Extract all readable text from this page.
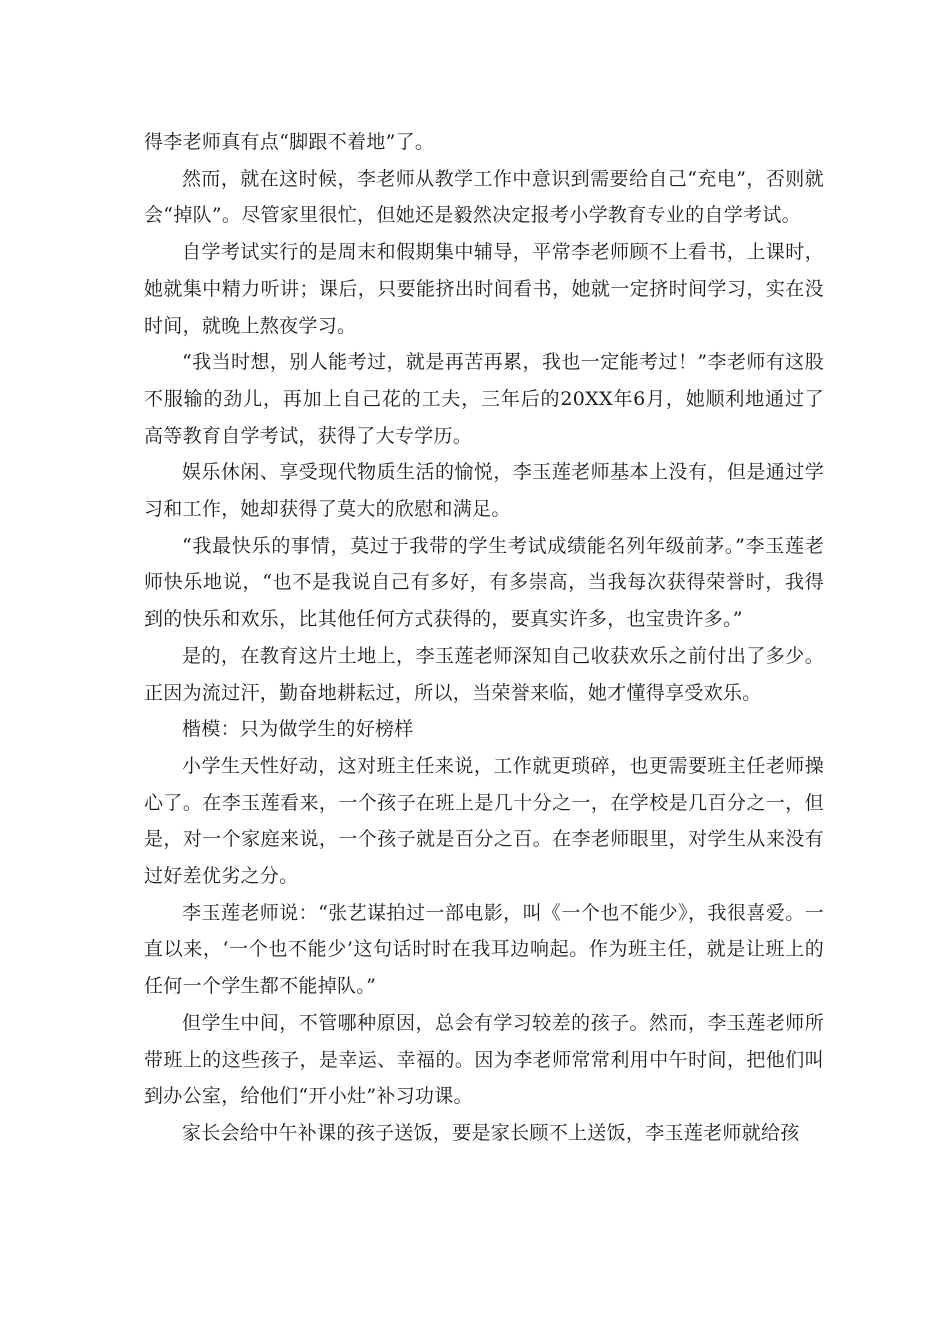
得李老师真有点“脚跟不着地”了。

然而，就在这时候，李老师从教学工作中意识到需要给自己“充电”，否则就会“掉队”。尽管家里很忙，但她还是毅然决定报考小学教育专业的自学考试。

自学考试实行的是周末和假期集中辅导，平常李老师顾不上看书，上课时，她就集中精力听讲；课后，只要能挤出时间看书，她就一定挤时间学习，实在没时间，就晚上熬夜学习。

“我当时想，别人能考过，就是再苦再累，我也一定能考过！”李老师有这股不服输的劲儿，再加上自己花的工夫，三年后的20XX年6月，她顺利地通过了高等教育自学考试，获得了大专学历。

娱乐休闲、享受现代物质生活的愉悦，李玉莲老师基本上没有，但是通过学习和工作，她却获得了莫大的欣慰和满足。

“我最快乐的事情，莫过于我带的学生考试成绩能名列年级前茅。”李玉莲老师快乐地说，“也不是我说自己有多好，有多崇高，当我每次获得荣誉时，我得到的快乐和欢乐，比其他任何方式获得的，要真实许多，也宝贵许多。”

是的，在教育这片土地上，李玉莲老师深知自己收获欢乐之前付出了多少。正因为流过汗，勤奋地耕耘过，所以，当荣誉来临，她才懂得享受欢乐。

楷模：只为做学生的好榜样

小学生天性好动，这对班主任来说，工作就更琐碎，也更需要班主任老师操心了。在李玉莲看来，一个孩子在班上是几十分之一，在学校是几百分之一，但是，对一个家庭来说，一个孩子就是百分之百。在李老师眼里，对学生从来没有过好差优劣之分。

李玉莲老师说：“张艺谋拍过一部电影，叫《一个也不能少》，我很喜爱。一直以来，‘一个也不能少’这句话时时在我耳边响起。作为班主任，就是让班上的任何一个学生都不能掉队。”

但学生中间，不管哪种原因，总会有学习较差的孩子。然而，李玉莲老师所带班上的这些孩子，是幸运、幸福的。因为李老师常常利用中午时间，把他们叫到办公室，给他们“开小灶”补习功课。

家长会给中午补课的孩子送饭，要是家长顾不上送饭，李玉莲老师就给孩
